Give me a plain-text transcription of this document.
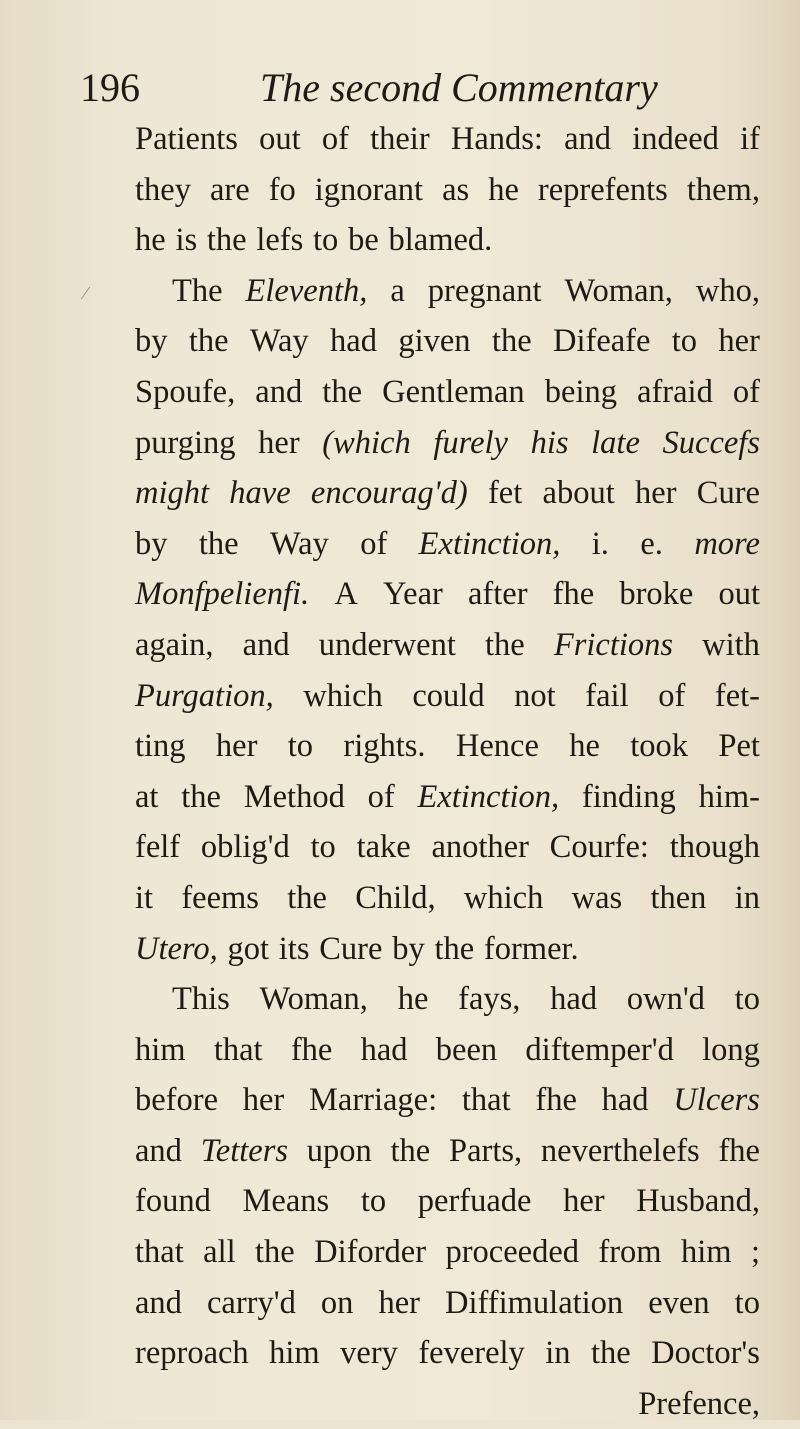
196	The second Commentary
⁄
Patients out of their Hands: and indeed if
they are fo ignorant as he reprefents them,
he is the lefs to be blamed.
The Eleventh, a pregnant Woman, who,
by the Way had given the Difeafe to her
Spoufe, and the Gentleman being afraid of
purging her (which furely his late Succefs
might have encourag'd) fet about her Cure
by the Way of Extinction, i. e. more
Monfpelienfi. A Year after fhe broke out
again, and underwent the Frictions with
Purgation, which could not fail of fet-
ting her to rights. Hence he took Pet
at the Method of Extinction, finding him-
felf oblig'd to take another Courfe: though
it feems the Child, which was then in
Utero, got its Cure by the former.
This Woman, he fays, had own'd to
him that fhe had been diftemper'd long
before her Marriage: that fhe had Ulcers
and Tetters upon the Parts, neverthelefs fhe
found Means to perfuade her Husband,
that all the Diforder proceeded from him ;
and carry'd on her Diffimulation even to
reproach him very feverely in the Doctor's
Prefence,
